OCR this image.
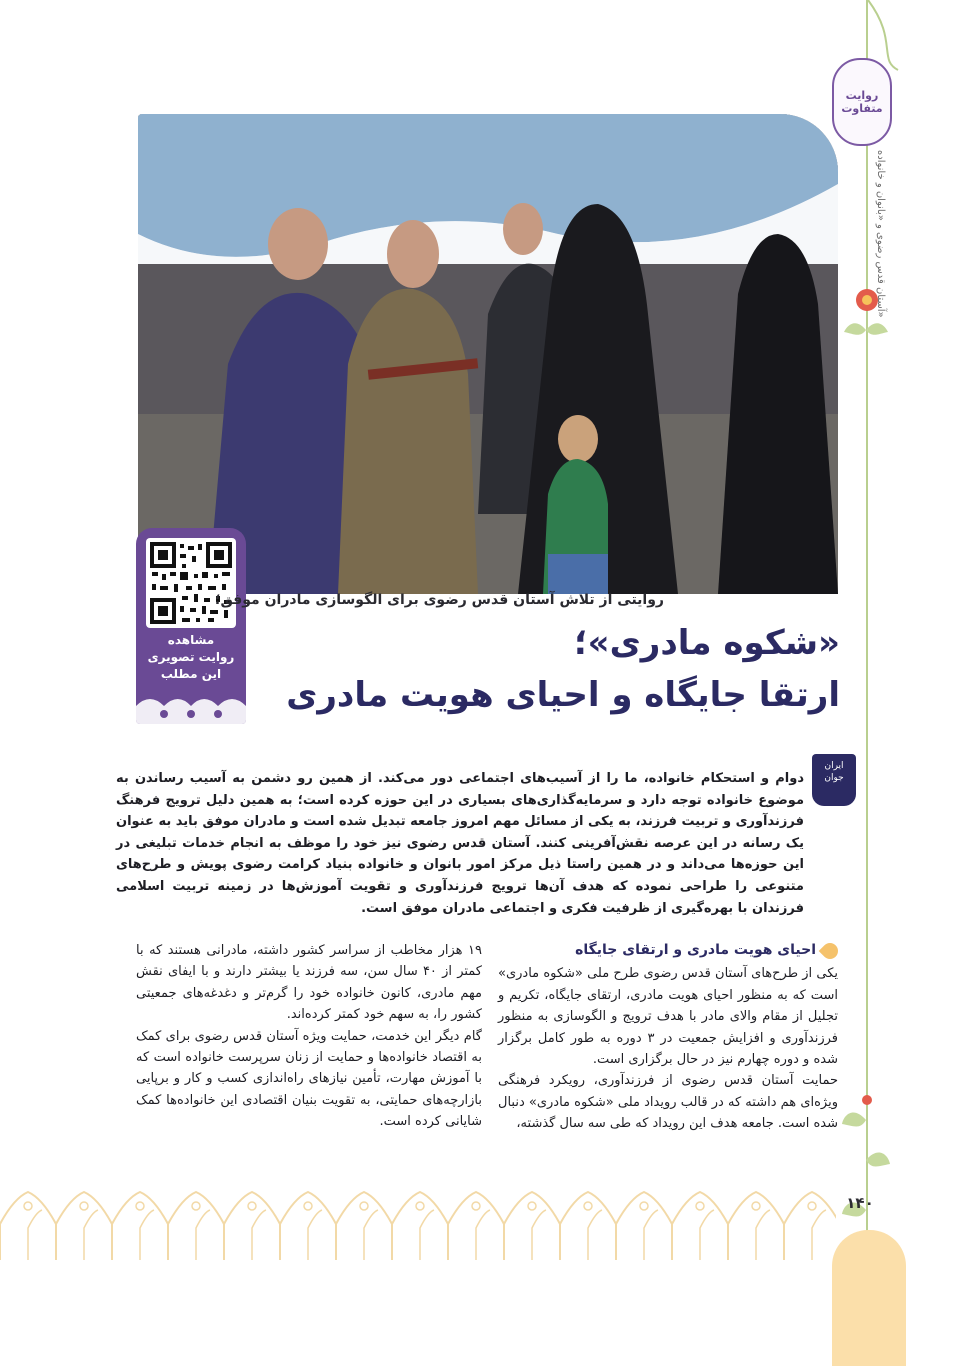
روایت متفاوت
آستان قدس رضوی و «بانوان و خانواده»
۱۴۰
مشاهده
روایت تصویری
این مطلب
روایتی از تلاش آستان قدس رضوی برای الگوسازی مادران موفق؛
«شکوه مادری»؛
ارتقا جایگاه و احیای هویت مادری
ایران
جوان

دوام و استحکام خانواده، ما را از آسیب‌های اجتماعی دور می‌کند. از همین رو دشمن به آسیب رساندن به موضوع خانواده توجه دارد و سرمایه‌گذاری‌های بسیاری در این حوزه کرده است؛ به همین دلیل ترویج فرهنگ فرزندآوری و تربیت فرزند، به یکی از مسائل مهم امروز جامعه تبدیل شده است و مادران موفق باید به عنوان یک رسانه در این عرصه نقش‌آفرینی کنند. آستان قدس رضوی نیز خود را موظف به انجام خدمات تبلیغی در این حوزه‌ها می‌داند و در همین راستا ذیل مرکز امور بانوان و خانواده بنیاد کرامت رضوی پویش و طرح‌های متنوعی را طراحی نموده که هدف آن‌ها ترویج فرزندآوری و تقویت آموزش‌ها در زمینه تربیت اسلامی فرزندان با بهره‌گیری از ظرفیت فکری و اجتماعی مادران موفق است.

احیای هویت مادری و ارتقای جایگاه

یکی از طرح‌های آستان قدس رضوی طرح ملی «شکوه مادری» است که به منظور احیای هویت مادری، ارتقای جایگاه، تکریم و تجلیل از مقام والای مادر با هدف ترویج و الگوسازی به منظور فرزندآوری و افزایش جمعیت در ۳ دوره به طور کامل برگزار شده و دوره چهارم نیز در حال برگزاری است.

حمایت آستان قدس رضوی از فرزندآوری، رویکرد فرهنگی ویژه‌ای هم داشته که در قالب رویداد ملی «شکوه مادری» دنبال شده است. جامعه هدف این رویداد که طی سه سال گذشته،

۱۹ هزار مخاطب از سراسر کشور داشته، مادرانی هستند که با کمتر از ۴۰ سال سن، سه فرزند یا بیشتر دارند و با ایفای نقش مهم مادری، کانون خانواده خود را گرم‌تر و دغدغه‌های جمعیتی کشور را، به سهم خود کمتر کرده‌اند.

گام دیگر این خدمت، حمایت ویژه آستان قدس رضوی برای کمک به اقتصاد خانواده‌ها و حمایت از زنان سرپرست خانواده است که با آموزش مهارت، تأمین نیازهای راه‌اندازی کسب و کار و برپایی بازارچه‌های حمایتی، به تقویت بنیان اقتصادی این خانواده‌ها کمک شایانی کرده است.
